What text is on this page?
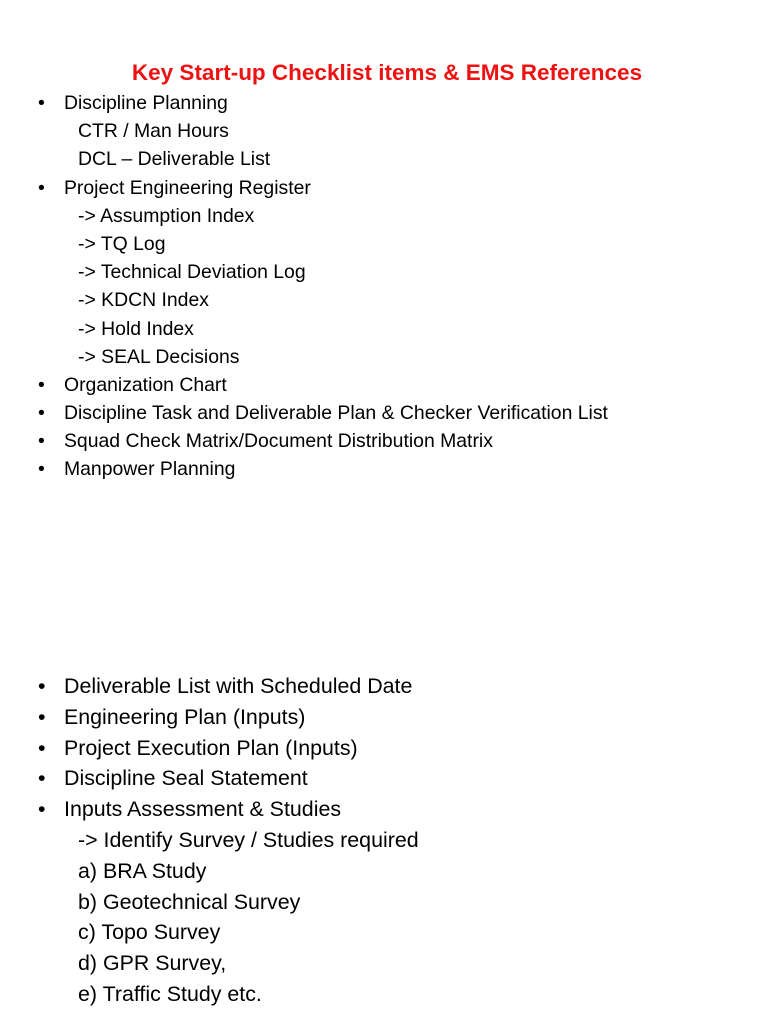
Key Start-up Checklist items & EMS References
• Discipline Planning
CTR / Man Hours
DCL – Deliverable List
• Project Engineering Register
-> Assumption Index
-> TQ Log
-> Technical Deviation Log
-> KDCN Index
-> Hold Index
-> SEAL Decisions
• Organization Chart
• Discipline Task and Deliverable Plan & Checker Verification List
• Squad Check Matrix/Document Distribution Matrix
• Manpower Planning
• Deliverable List with Scheduled Date
• Engineering Plan (Inputs)
• Project Execution Plan (Inputs)
• Discipline Seal Statement
• Inputs Assessment & Studies
-> Identify Survey / Studies required
a) BRA Study
b) Geotechnical Survey
c) Topo Survey
d) GPR Survey,
e) Traffic Study etc.
